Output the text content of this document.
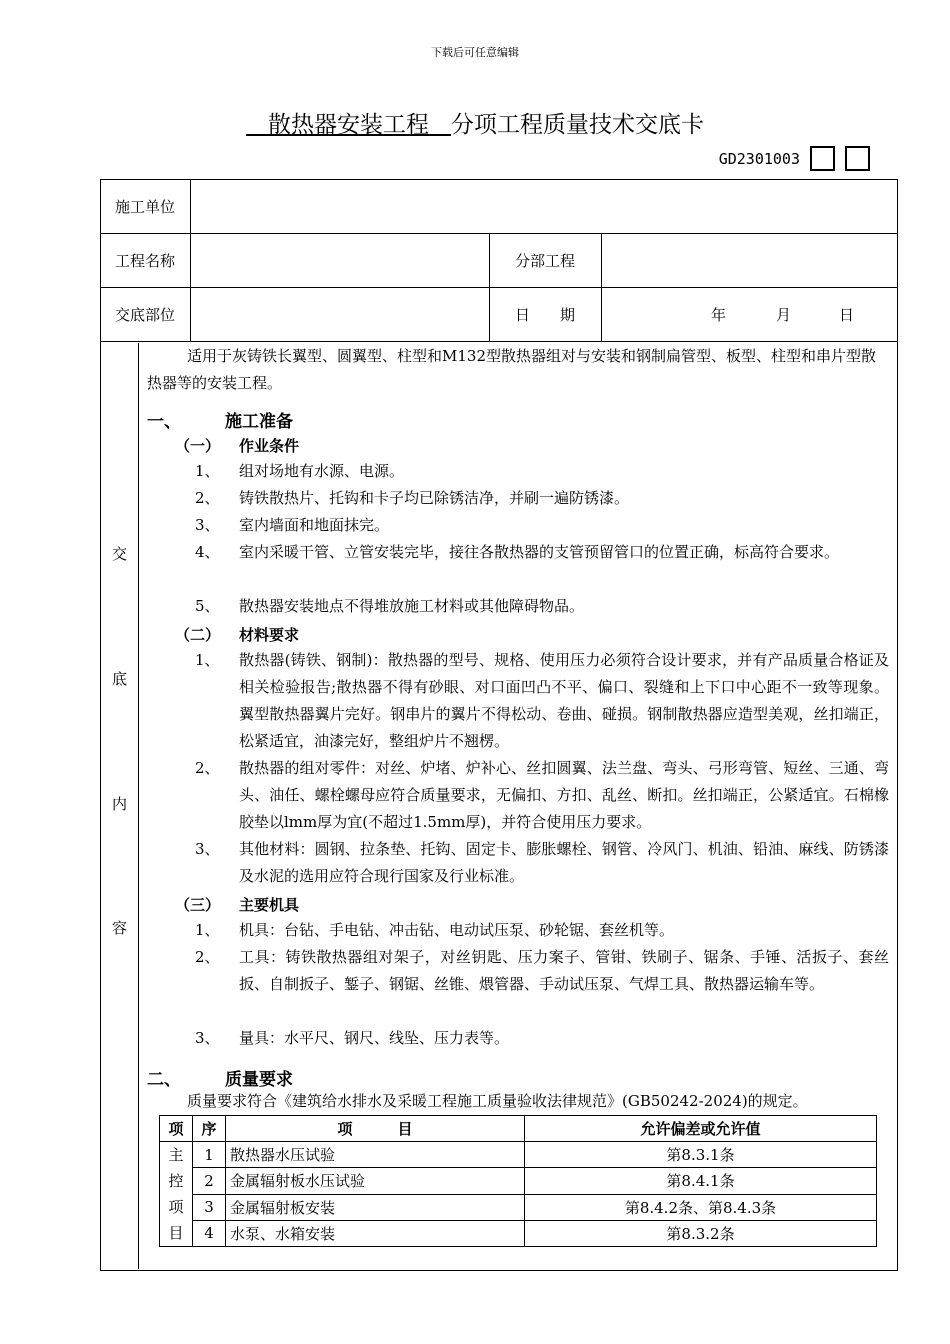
下载后可任意编辑
散热器安装工程 分项工程质量技术交底卡
GD2301003
施工单位
工程名称	分部工程
交底部位	日　　期	年	月	日
交
底
内
容
适用于灰铸铁长翼型、圆翼型、柱型和M132型散热器组对与安装和钢制扁管型、板型、柱型和串片型散热器等的安装工程。
一、	施工准备
（一） 作业条件
1、	组对场地有水源、电源。
2、	铸铁散热片、托钩和卡子均已除锈洁净，并刷一遍防锈漆。
3、	室内墙面和地面抹完。
4、	室内采暖干管、立管安装完毕，接往各散热器的支管预留管口的位置正确，标高符合要求。
5、	散热器安装地点不得堆放施工材料或其他障碍物品。
（二） 材料要求
1、	散热器(铸铁、钢制)：散热器的型号、规格、使用压力必须符合设计要求，并有产品质量合格证及相关检验报告;散热器不得有砂眼、对口面凹凸不平、偏口、裂缝和上下口中心距不一致等现象。翼型散热器翼片完好。钢串片的翼片不得松动、卷曲、碰损。钢制散热器应造型美观，丝扣端正，松紧适宜，油漆完好，整组炉片不翘楞。
2、	散热器的组对零件：对丝、炉堵、炉补心、丝扣圆翼、法兰盘、弯头、弓形弯管、短丝、三通、弯头、油任、螺栓螺母应符合质量要求，无偏扣、方扣、乱丝、断扣。丝扣端正，公紧适宜。石棉橡胶垫以lmm厚为宜(不超过1.5mm厚)，并符合使用压力要求。
3、	其他材料：圆钢、拉条垫、托钩、固定卡、膨胀螺栓、钢管、冷风门、机油、铅油、麻线、防锈漆及水泥的选用应符合现行国家及行业标准。
（三） 主要机具
1、	机具：台钻、手电钻、冲击钻、电动试压泵、砂轮锯、套丝机等。
2、	工具：铸铁散热器组对架子，对丝钥匙、压力案子、管钳、铁刷子、锯条、手锤、活扳子、套丝扳、自制扳子、錾子、钢锯、丝锥、煨管器、手动试压泵、气焊工具、散热器运输车等。
3、	量具：水平尺、钢尺、线坠、压力表等。
二、	质量要求
质量要求符合《建筑给水排水及采暖工程施工质量验收法律规范》(GB50242-2024)的规定。
项	序	项　　　目	允许偏差或允许值
主
控
项
目	1	散热器水压试验	第8.3.1条
	2	金属辐射板水压试验	第8.4.1条
	3	金属辐射板安装	第8.4.2条、第8.4.3条
	4	水泵、水箱安装	第8.3.2条
